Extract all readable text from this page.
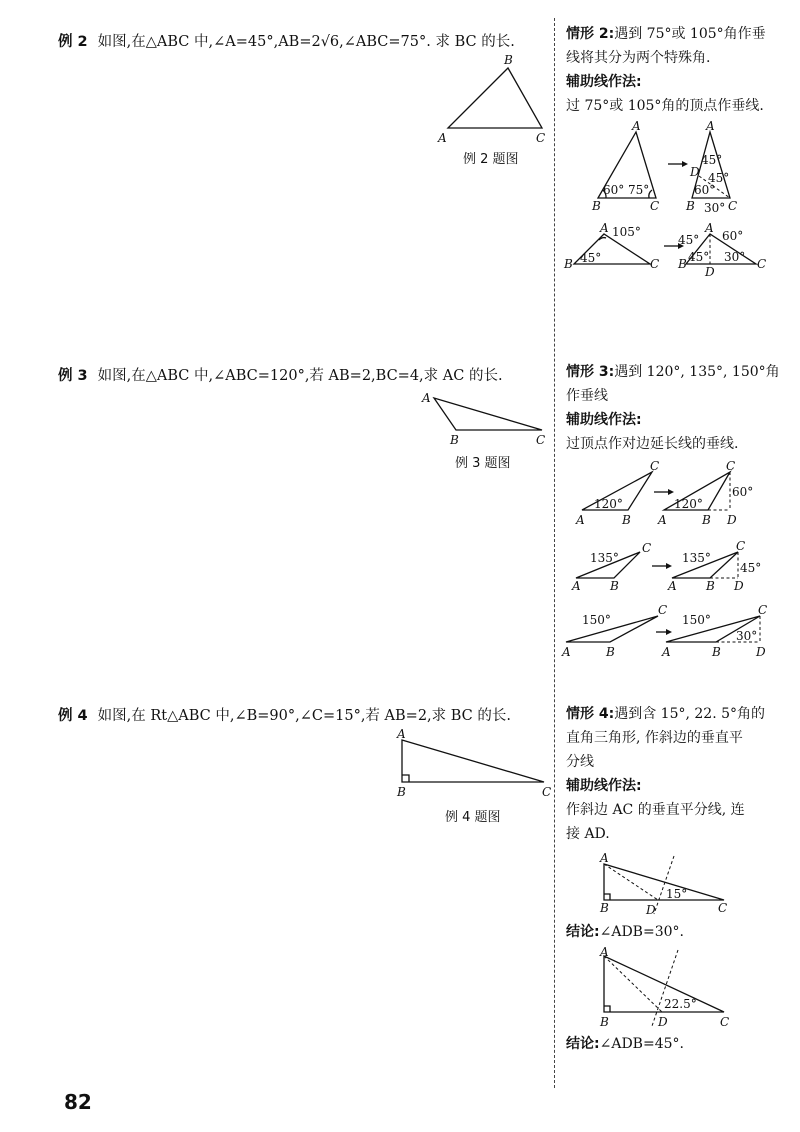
例 2 如图,在△ABC 中,∠A=45°,AB=2√6,∠ABC=75°. 求 BC 的长.
B
A	C
例 2 题图
例 3 如图,在△ABC 中,∠ABC=120°,若 AB=2,BC=4,求 AC 的长.
A
B	C
例 3 题图
例 4 如图,在 Rt△ABC 中,∠B=90°,∠C=15°,若 AB=2,求 BC 的长.
A
B	C
例 4 题图
情形 2:遇到 75°或 105°角作垂
线将其分为两个特殊角.
辅助线作法:
过 75°或 105°角的顶点作垂线.
A
B	C
60° 75°
A
D
B	C
45°
45°
60°
30°
B
A
C
105°
45°	B
A
C
D
45° 60°
45° 30°
情形 3:遇到 120°, 135°, 150°角
作垂线
辅助线作法:
过顶点作对边延长线的垂线.
A	B
C
120°
A	B
C
D
120°
60°
A B
C
135°
A B
C
D
135°
45°
A	B
C
150°
A	B
C
D
150°
30°
情形 4:遇到含 15°, 22. 5°角的
直角三角形, 作斜边的垂直平
分线
辅助线作法:
作斜边 AC 的垂直平分线, 连
接 AD.
A
B	D	C
15°
结论:∠ADB=30°.
A
B	D	C
22.5°
结论:∠ADB=45°.
82
